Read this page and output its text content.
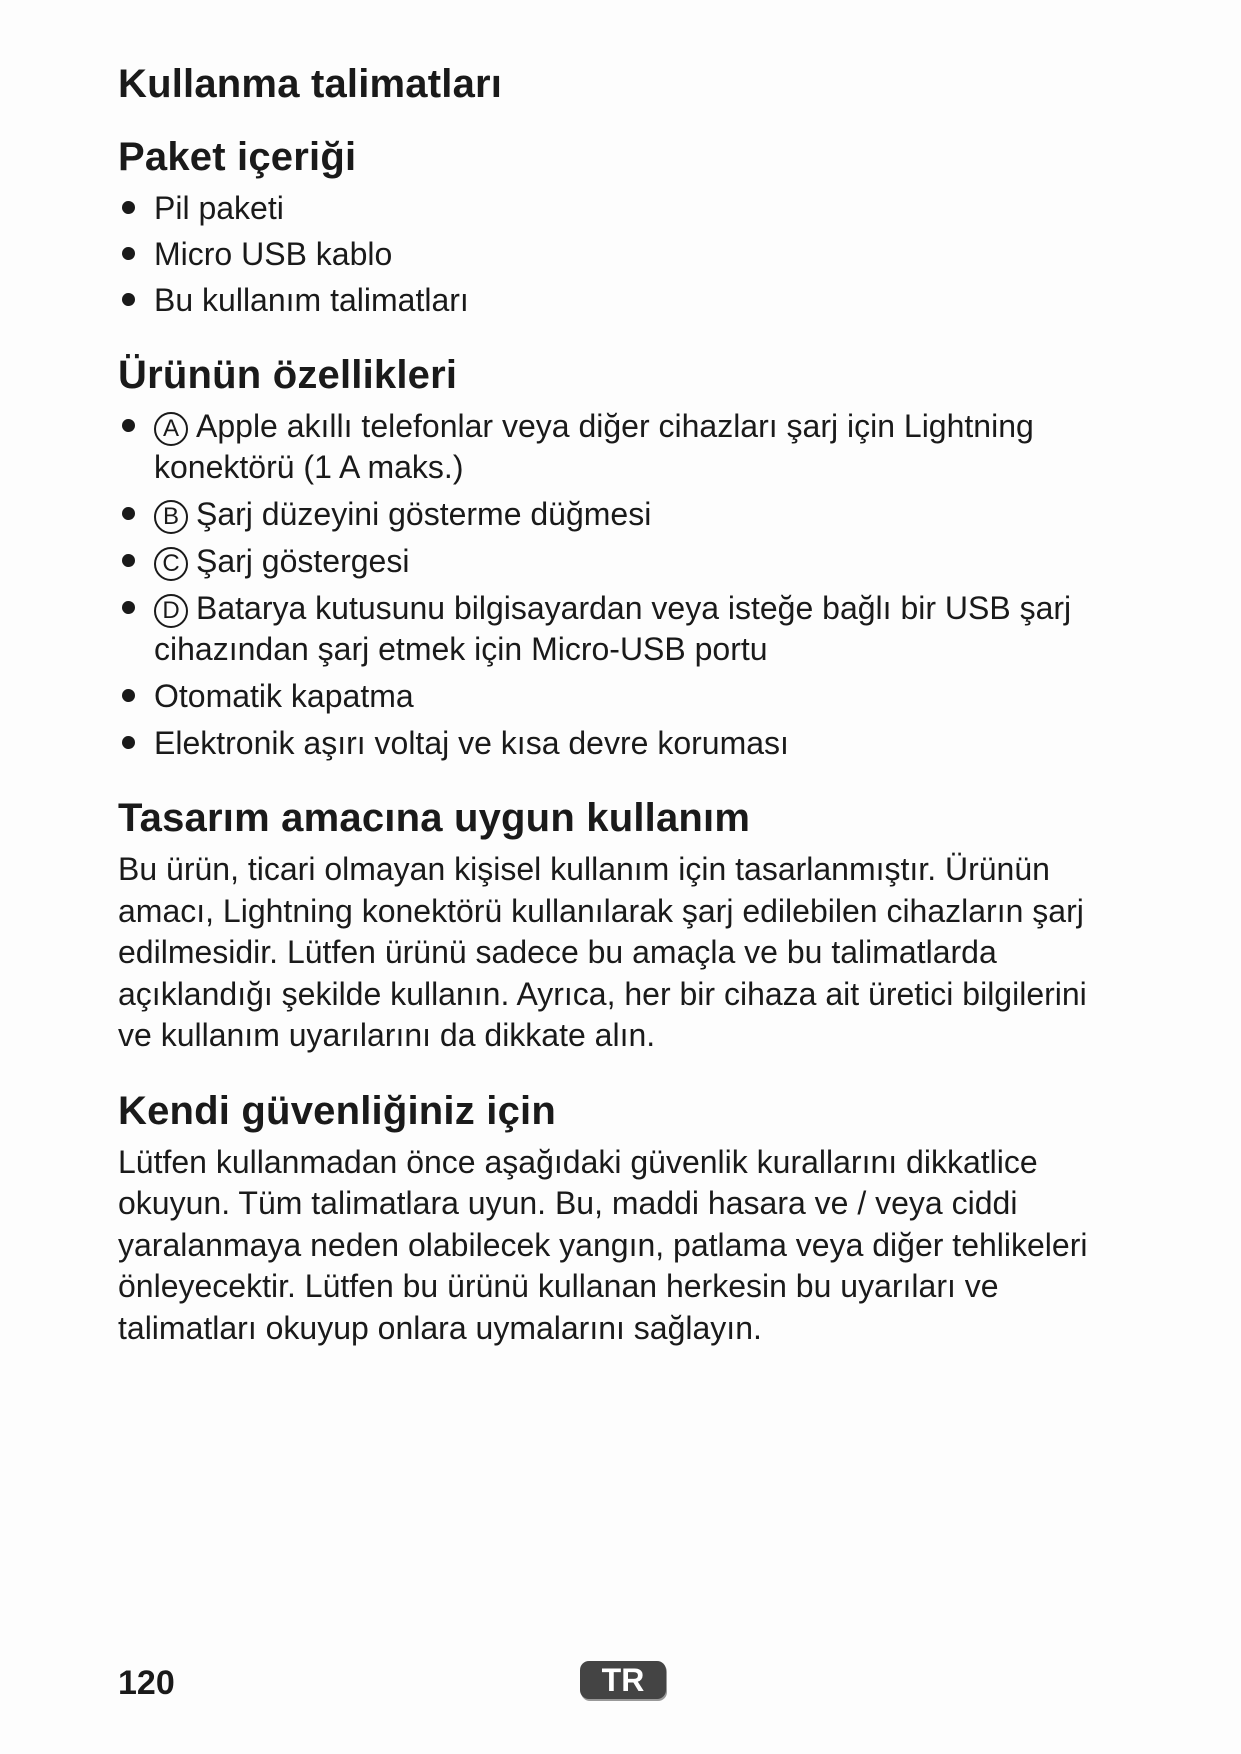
Kullanma talimatları
Paket içeriği
Pil paketi
Micro USB kablo
Bu kullanım talimatları
Ürünün özellikleri
A Apple akıllı telefonlar veya diğer cihazları şarj için Lightning konektörü (1 A maks.)
B Şarj düzeyini gösterme düğmesi
C Şarj göstergesi
D Batarya kutusunu bilgisayardan veya isteğe bağlı bir USB şarj cihazından şarj etmek için Micro-USB portu
Otomatik kapatma
Elektronik aşırı voltaj ve kısa devre koruması
Tasarım amacına uygun kullanım

Bu ürün, ticari olmayan kişisel kullanım için tasarlanmıştır. Ürünün amacı, Lightning konektörü kullanılarak şarj edilebilen cihazların şarj edilmesidir. Lütfen ürünü sadece bu amaçla ve bu talimatlarda açıklandığı şekilde kullanın. Ayrıca, her bir cihaza ait üretici bilgilerini ve kullanım uyarılarını da dikkate alın.

Kendi güvenliğiniz için

Lütfen kullanmadan önce aşağıdaki güvenlik kurallarını dikkatlice okuyun. Tüm talimatlara uyun. Bu, maddi hasara ve / veya ciddi yaralanmaya neden olabilecek yangın, patlama veya diğer tehlikeleri önleyecektir. Lütfen bu ürünü kullanan herkesin bu uyarıları ve talimatları okuyup onlara uymalarını sağlayın.

120	TR
